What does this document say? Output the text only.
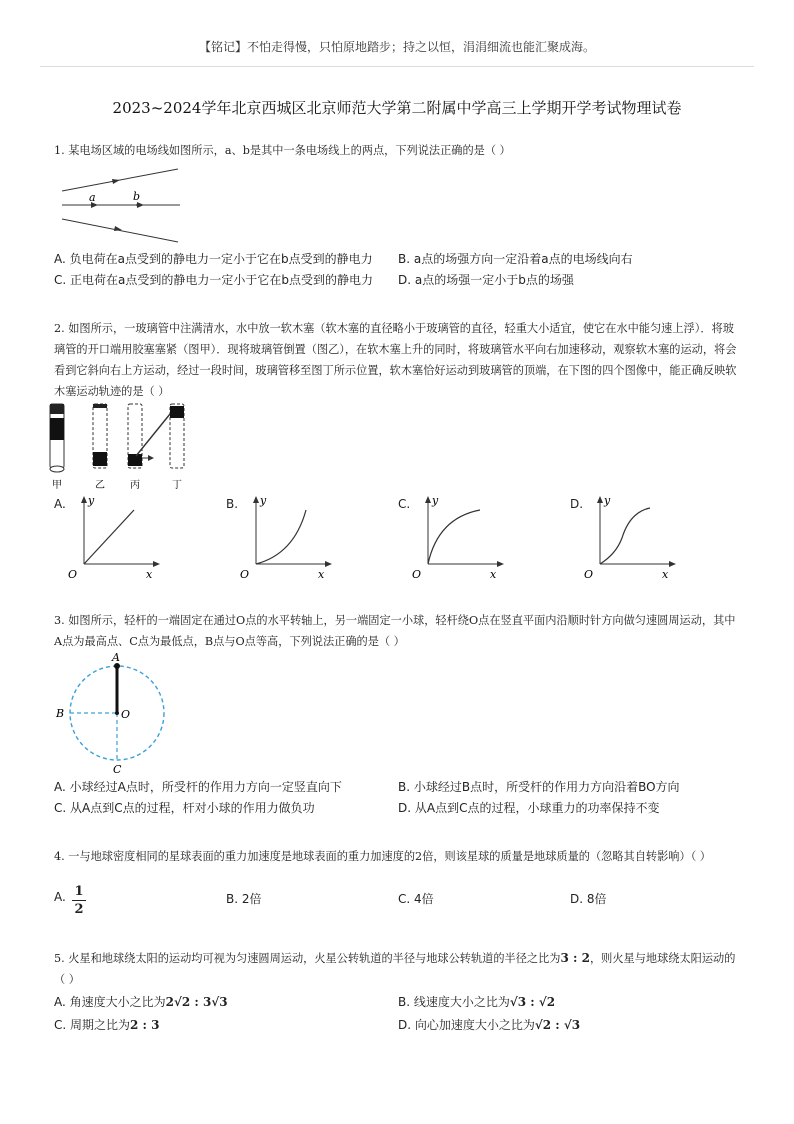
【铭记】不怕走得慢，只怕原地踏步；持之以恒，涓涓细流也能汇聚成海。
2023~2024学年北京西城区北京师范大学第二附属中学高三上学期开学考试物理试卷
1. 某电场区域的电场线如图所示，a、b是其中一条电场线上的两点，下列说法正确的是（ ）
a	b
A. 负电荷在a点受到的静电力一定小于它在b点受到的静电力 B. a点的场强方向一定沿着a点的电场线向右
C. 正电荷在a点受到的静电力一定小于它在b点受到的静电力 D. a点的场强一定小于b点的场强
2. 如图所示，一玻璃管中注满清水，水中放一软木塞（软木塞的直径略小于玻璃管的直径，轻重大小适宜，使它在水中能匀速上浮）．将玻璃管的开口端用胶塞塞紧（图甲）．现将玻璃管倒置（图乙），在软木塞上升的同时，将玻璃管水平向右加速移动，观察软木塞的运动，将会看到它斜向右上方运动，经过一段时间，玻璃管移至图丁所示位置，软木塞恰好运动到玻璃管的顶端，在下图的四个图像中，能正确反映软木塞运动轨迹的是（ ）
甲	乙	丙	丁
A.	B.	C.	D.
y
x
O
y
x
O
y
x
O
y
x
O
3. 如图所示，轻杆的一端固定在通过O点的水平转轴上，另一端固定一小球，轻杆绕O点在竖直平面内沿顺时针方向做匀速圆周运动，其中A点为最高点、C点为最低点，B点与O点等高，下列说法正确的是（ ）
A
B	O
C
A. 小球经过A点时，所受杆的作用力方向一定竖直向下	B. 小球经过B点时，所受杆的作用力方向沿着BO方向
C. 从A点到C点的过程，杆对小球的作用力做负功	D. 从A点到C点的过程，小球重力的功率保持不变
4. 一与地球密度相同的星球表面的重力加速度是地球表面的重力加速度的2倍，则该星球的质量是地球质量的（忽略其自转影响）（ ）
A. 1
2
B. 2倍	C. 4倍	D. 8倍
5. 火星和地球绕太阳的运动均可视为匀速圆周运动，火星公转轨道的半径与地球公转轨道的半径之比为3 : 2，则火星与地球绕太阳运动的（ ）
A. 角速度大小之比为2√2 : 3√3	B. 线速度大小之比为√3 : √2
C. 周期之比为2 : 3	D. 向心加速度大小之比为√2 : √3
